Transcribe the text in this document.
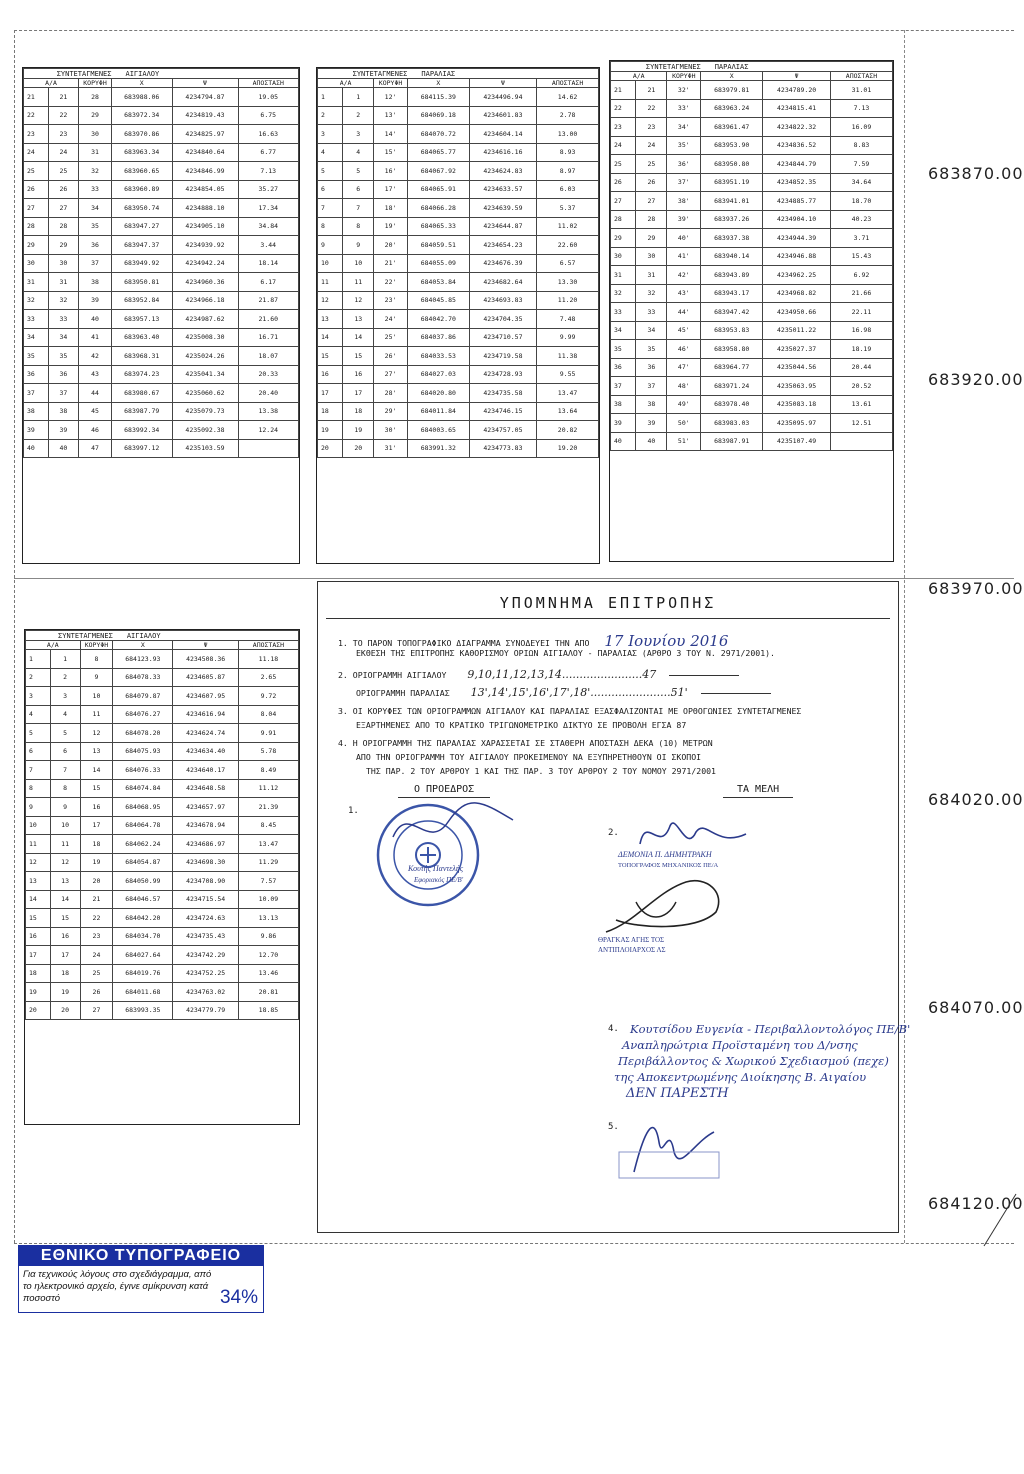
683870.00
683920.00
683970.00
684020.00
684070.00
684120.00
ΣΥΝΤΕΤΑΓΜΕΝΕΣ			ΑΙΓΙΑΛΟΥ		
Α/Α		ΚΟΡΥΦΗ	X	Ψ	ΑΠΟΣΤΑΣΗ
21	21	28	683988.06	4234794.87	19.05
22	22	29	683972.34	4234819.43	6.75
23	23	30	683970.86	4234825.97	16.63
24	24	31	683963.34	4234840.64	6.77
25	25	32	683960.65	4234846.99	7.13
26	26	33	683960.89	4234854.05	35.27
27	27	34	683950.74	4234888.10	17.34
28	28	35	683947.27	4234905.10	34.84
29	29	36	683947.37	4234939.92	3.44
30	30	37	683949.92	4234942.24	18.14
31	31	38	683950.81	4234960.36	6.17
32	32	39	683952.84	4234966.18	21.87
33	33	40	683957.13	4234987.62	21.60
34	34	41	683963.40	4235008.30	16.71
35	35	42	683968.31	4235024.26	18.07
36	36	43	683974.23	4235041.34	20.33
37	37	44	683980.67	4235060.62	20.40
38	38	45	683987.79	4235079.73	13.38
39	39	46	683992.34	4235092.38	12.24
40	40	47	683997.12	4235103.59	
ΣΥΝΤΕΤΑΓΜΕΝΕΣ			ΠΑΡΑΛΙΑΣ		
Α/Α		ΚΟΡΥΦΗ	X	Ψ	ΑΠΟΣΤΑΣΗ
1	1	12'	684115.39	4234496.94	14.62
2	2	13'	684069.18	4234601.83	2.78
3	3	14'	684070.72	4234604.14	13.00
4	4	15'	684065.77	4234616.16	8.93
5	5	16'	684067.92	4234624.83	8.97
6	6	17'	684065.91	4234633.57	6.03
7	7	18'	684066.28	4234639.59	5.37
8	8	19'	684065.33	4234644.87	11.02
9	9	20'	684059.51	4234654.23	22.60
10	10	21'	684055.09	4234676.39	6.57
11	11	22'	684053.84	4234682.64	13.30
12	12	23'	684045.85	4234693.83	11.20
13	13	24'	684042.70	4234704.35	7.48
14	14	25'	684037.86	4234710.57	9.99
15	15	26'	684033.53	4234719.58	11.38
16	16	27'	684027.03	4234728.93	9.55
17	17	28'	684020.80	4234735.58	13.47
18	18	29'	684011.84	4234746.15	13.64
19	19	30'	684003.65	4234757.05	20.82
20	20	31'	683991.32	4234773.83	19.20
ΣΥΝΤΕΤΑΓΜΕΝΕΣ			ΠΑΡΑΛΙΑΣ		
Α/Α		ΚΟΡΥΦΗ	X	Ψ	ΑΠΟΣΤΑΣΗ
21	21	32'	683979.81	4234789.20	31.01
22	22	33'	683963.24	4234815.41	7.13
23	23	34'	683961.47	4234822.32	16.09
24	24	35'	683953.90	4234836.52	8.83
25	25	36'	683950.80	4234844.79	7.59
26	26	37'	683951.19	4234852.35	34.64
27	27	38'	683941.01	4234885.77	18.70
28	28	39'	683937.26	4234904.10	40.23
29	29	40'	683937.38	4234944.39	3.71
30	30	41'	683940.14	4234946.88	15.43
31	31	42'	683943.89	4234962.25	6.92
32	32	43'	683943.17	4234968.82	21.66
33	33	44'	683947.42	4234950.66	22.11
34	34	45'	683953.83	4235011.22	16.98
35	35	46'	683958.80	4235027.37	18.19
36	36	47'	683964.77	4235044.56	20.44
37	37	48'	683971.24	4235063.95	20.52
38	38	49'	683978.40	4235083.18	13.61
39	39	50'	683983.03	4235095.97	12.51
40	40	51'	683987.91	4235107.49	
ΣΥΝΤΕΤΑΓΜΕΝΕΣ			ΑΙΓΙΑΛΟΥ		
Α/Α		ΚΟΡΥΦΗ	X	Ψ	ΑΠΟΣΤΑΣΗ
1	1	8	684123.93	4234508.36	11.18
2	2	9	684078.33	4234605.87	2.65
3	3	10	684079.87	4234607.95	9.72
4	4	11	684076.27	4234616.94	8.04
5	5	12	684078.20	4234624.74	9.91
6	6	13	684075.93	4234634.40	5.78
7	7	14	684076.33	4234640.17	8.49
8	8	15	684074.84	4234648.58	11.12
9	9	16	684068.95	4234657.97	21.39
10	10	17	684064.78	4234678.94	8.45
11	11	18	684062.24	4234686.97	13.47
12	12	19	684054.87	4234698.30	11.29
13	13	20	684050.99	4234708.90	7.57
14	14	21	684046.57	4234715.54	10.09
15	15	22	684042.20	4234724.63	13.13
16	16	23	684034.70	4234735.43	9.86
17	17	24	684027.64	4234742.29	12.70
18	18	25	684019.76	4234752.25	13.46
19	19	26	684011.68	4234763.02	20.81
20	20	27	683993.35	4234779.79	18.85
ΥΠΟΜΝΗΜΑ ΕΠΙΤΡΟΠΗΣ
1. ΤΟ ΠΑΡΟΝ ΤΟΠΟΓΡΑΦΙΚΟ ΔΙΑΓΡΑΜΜΑ ΣΥΝΟΔΕΥΕΙ ΤΗΝ ΑΠΟ 17 Ιουνίου 2016
ΕΚΘΕΣΗ ΤΗΣ ΕΠΙΤΡΟΠΗΣ ΚΑΘΟΡΙΣΜΟΥ ΟΡΙΩΝ ΑΙΓΙΑΛΟΥ - ΠΑΡΑΛΙΑΣ (ΑΡΘΡΟ 3 ΤΟΥ Ν. 2971/2001).
2. ΟΡΙΟΓΡΑΜΜΗ ΑΙΓΙΑΛΟΥ 9,10,11,12,13,14.......................47
ΟΡΙΟΓΡΑΜΜΗ ΠΑΡΑΛΙΑΣ 13',14',15',16',17',18'.......................51'
3. ΟΙ ΚΟΡΥΦΕΣ ΤΩΝ ΟΡΙΟΓΡΑΜΜΩΝ ΑΙΓΙΑΛΟΥ ΚΑΙ ΠΑΡΑΛΙΑΣ ΕΞΑΣΦΑΛΙΖΟΝΤΑΙ ΜΕ ΟΡΘΟΓΩΝΙΕΣ ΣΥΝΤΕΤΑΓΜΕΝΕΣ
ΕΞΑΡΤΗΜΕΝΕΣ ΑΠΟ ΤΟ ΚΡΑΤΙΚΟ ΤΡΙΓΩΝΟΜΕΤΡΙΚΟ ΔΙΚΤΥΟ ΣΕ ΠΡΟΒΟΛΗ ΕΓΣΑ 87
4. Η ΟΡΙΟΓΡΑΜΜΗ ΤΗΣ ΠΑΡΑΛΙΑΣ ΧΑΡΑΣΣΕΤΑΙ ΣΕ ΣΤΑΘΕΡΗ ΑΠΟΣΤΑΣΗ ΔΕΚΑ (10) ΜΕΤΡΩΝ
ΑΠΟ ΤΗΝ ΟΡΙΟΓΡΑΜΜΗ ΤΟΥ ΑΙΓΙΑΛΟΥ ΠΡΟΚΕΙΜΕΝΟΥ ΝΑ ΕΞΥΠΗΡΕΤΗΘΟΥΝ ΟΙ ΣΚΟΠΟΙ
ΤΗΣ ΠΑΡ. 2 ΤΟΥ ΑΡΘΡΟΥ 1 ΚΑΙ ΤΗΣ ΠΑΡ. 3 ΤΟΥ ΑΡΘΡΟΥ 2 ΤΟΥ ΝΟΜΟΥ 2971/2001
Ο ΠΡΟΕΔΡΟΣ	ΤΑ ΜΕΛΗ
1.
2.
4.
5.
Κουτής Παντελής
Εφοριακός ΠΕ/Β'
ΔΕΜΟΝΙΑ Π. ΔΗΜΗΤΡΑΚΗ
ΤΟΠΟΓΡΑΦΟΣ ΜΗΧΑΝΙΚΟΣ ΠΕ/Α
ΘΡΑΓΚΑΣ ΑΓΗΣ ΤΟΣ
ΑΝΤΙΠΛΟΙΑΡΧΟΣ ΛΣ
Κουτσίδου Ευγενία - Περιβαλλοντολόγος ΠΕ/Β'
Αναπληρώτρια Προϊσταμένη του Δ/νσης
Περιβάλλοντος & Χωρικού Σχεδιασμού (πεχε)
της Αποκεντρωμένης Διοίκησης Β. Αιγαίου
ΔΕΝ ΠΑΡΕΣΤΗ
ΕΘΝΙΚΟ ΤΥΠΟΓΡΑΦΕΙΟ
Για τεχνικούς λόγους στο σχεδιάγραμμα, από το ηλεκτρονικό αρχείο, έγινε σμίκρυνση κατά ποσοστό	34%
